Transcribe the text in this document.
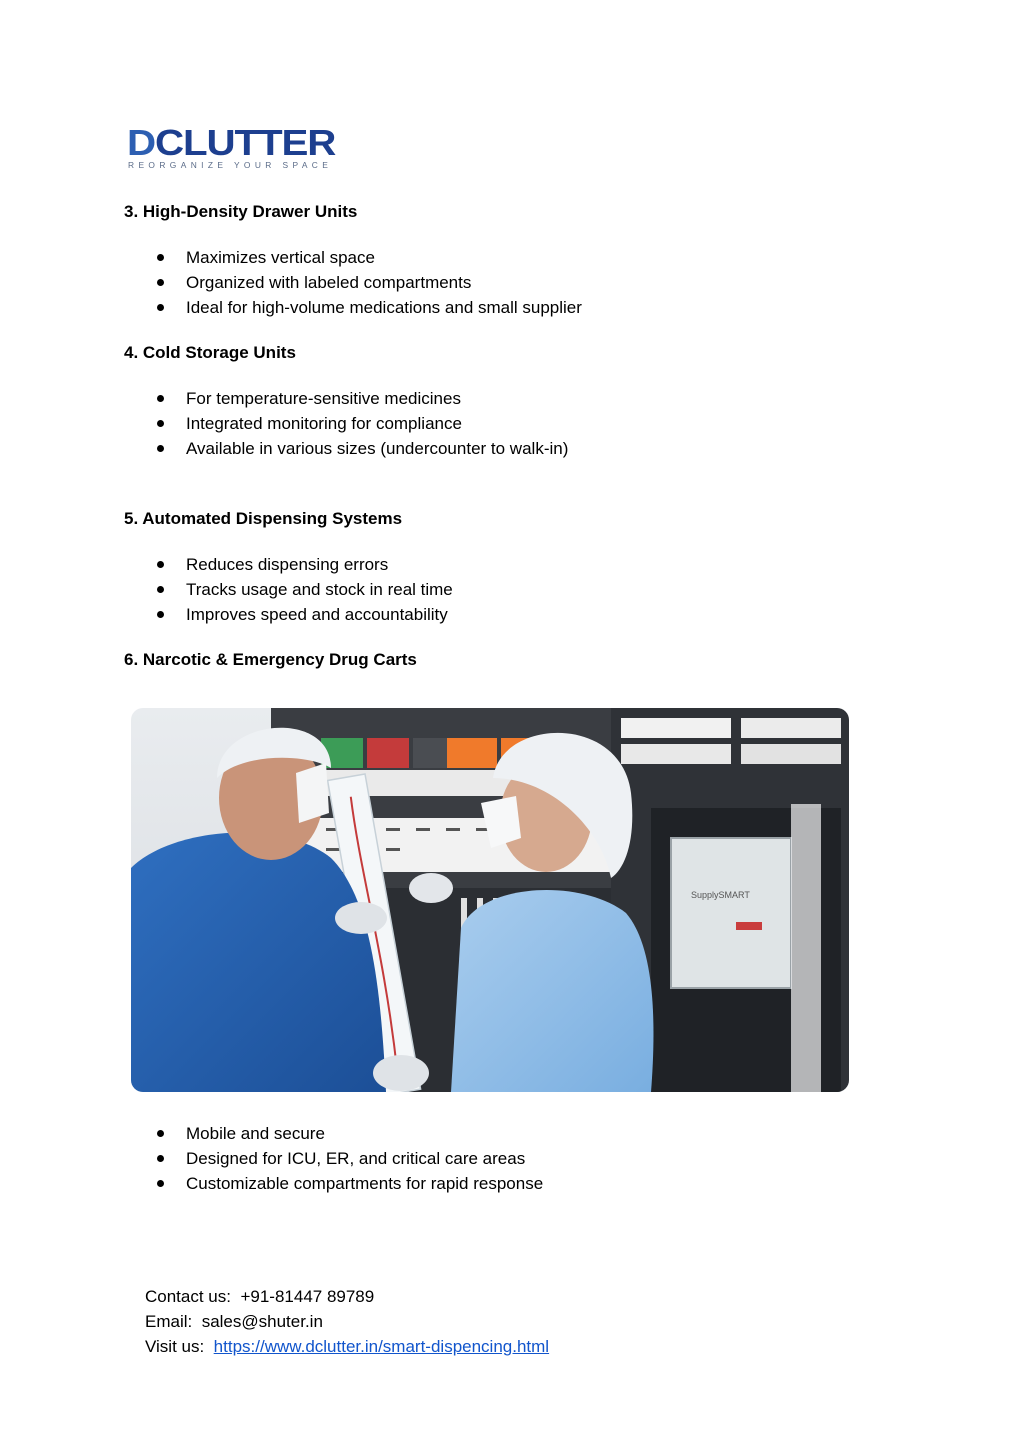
DCLUTTER
REORGANIZE YOUR SPACE
3. High-Density Drawer Units
Maximizes vertical space
Organized with labeled compartments
Ideal for high-volume medications and small supplier
4. Cold Storage Units
For temperature-sensitive medicines
Integrated monitoring for compliance
Available in various sizes (undercounter to walk-in)
5. Automated Dispensing Systems
Reduces dispensing errors
Tracks usage and stock in real time
Improves speed and accountability
6. Narcotic & Emergency Drug Carts
SupplySMART
Mobile and secure
Designed for ICU, ER, and critical care areas
Customizable compartments for rapid response
Contact us: +91-81447 89789
Email: sales@shuter.in
Visit us: https://www.dclutter.in/smart-dispencing.html
